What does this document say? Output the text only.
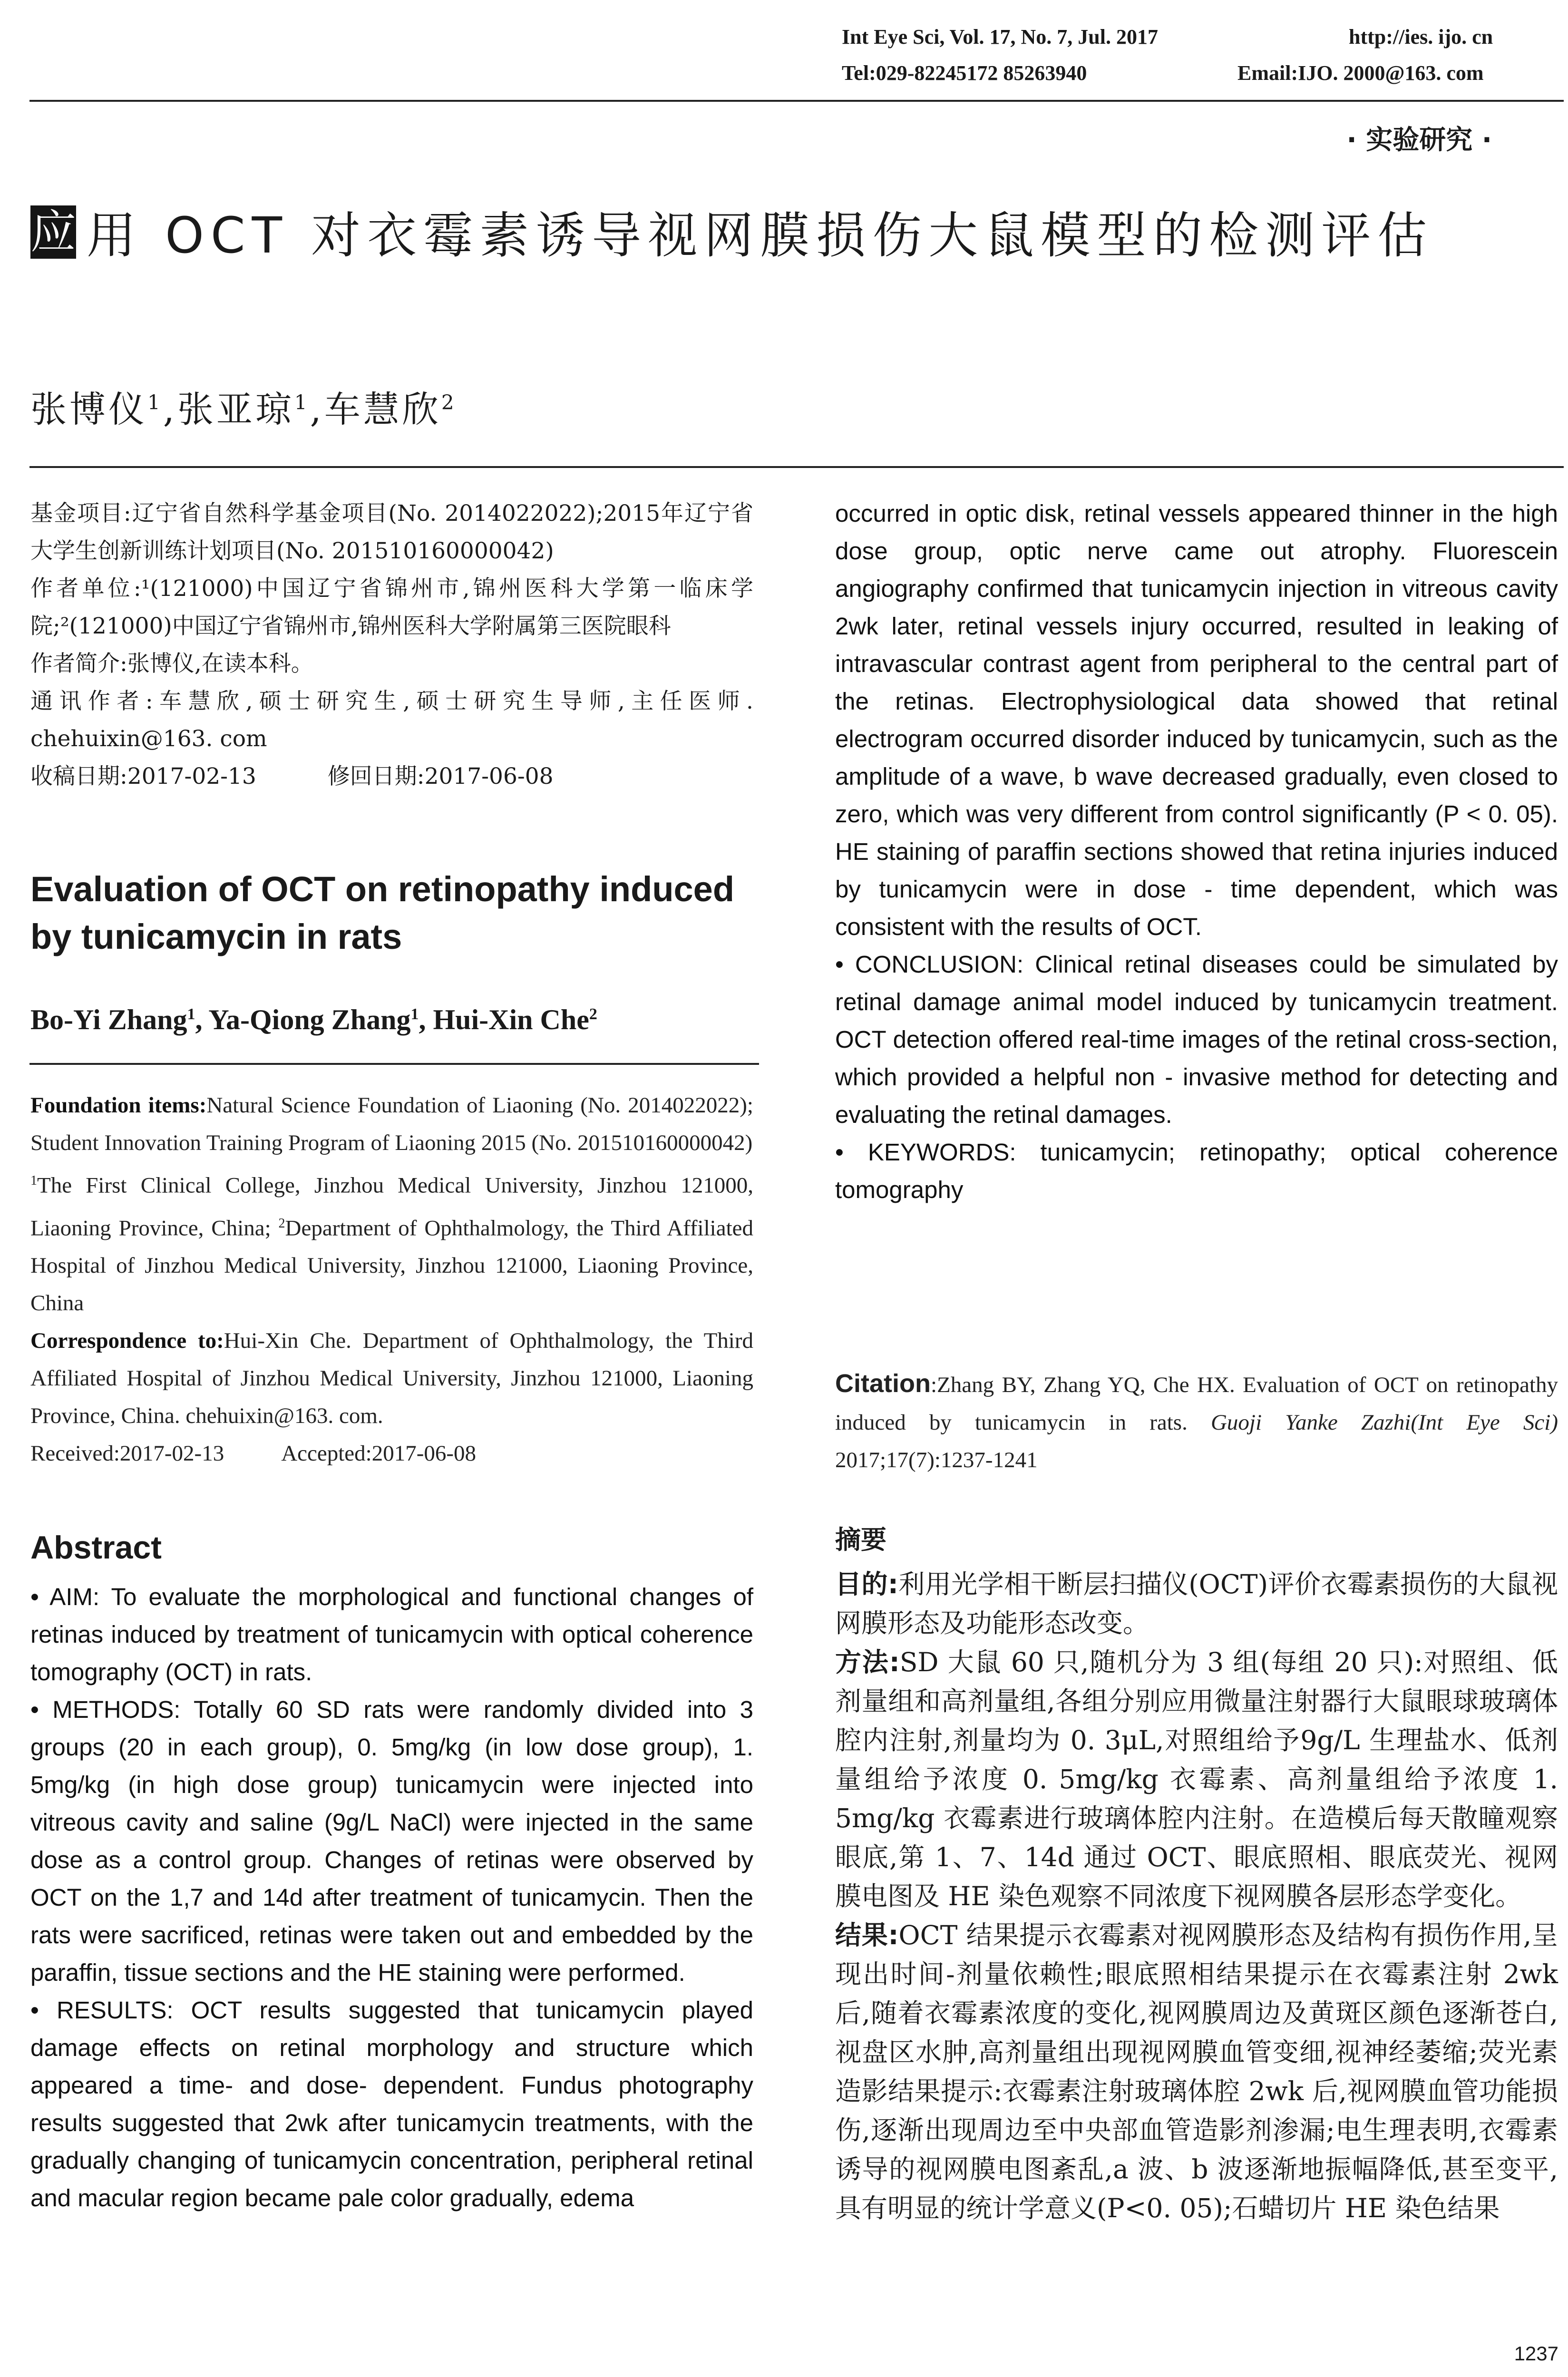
Int Eye Sci, Vol. 17, No. 7, Jul. 2017	http://ies. ijo. cn
Tel:029-82245172 85263940	Email:IJO. 2000@163. com
· 实验研究 ·
应 用 OCT 对衣霉素诱导视网膜损伤大鼠模型的检测评估
张博仪$^1$,张亚琼$^1$,车慧欣$^2$
基金项目:辽宁省自然科学基金项目(No. 2014022022);2015年辽宁省大学生创新训练计划项目(No. 201510160000042)
作者单位:¹(121000)中国辽宁省锦州市,锦州医科大学第一临床学院;²(121000)中国辽宁省锦州市,锦州医科大学附属第三医院眼科
作者简介:张博仪,在读本科。
通讯作者:车慧欣,硕士研究生,硕士研究生导师,主任医师. chehuixin@163. com
收稿日期:2017-02-13	修回日期:2017-06-08
Evaluation of OCT on retinopathy induced by tunicamycin in rats
Bo-Yi Zhang$^1$, Ya-Qiong Zhang$^1$, Hui-Xin Che$^2$
Foundation items:Natural Science Foundation of Liaoning (No. 2014022022); Student Innovation Training Program of Liaoning 2015 (No. 201510160000042)
$^1$The First Clinical College, Jinzhou Medical University, Jinzhou 121000, Liaoning Province, China; $^2$Department of Ophthalmology, the Third Affiliated Hospital of Jinzhou Medical University, Jinzhou 121000, Liaoning Province, China
Correspondence to:Hui-Xin Che. Department of Ophthalmology, the Third Affiliated Hospital of Jinzhou Medical University, Jinzhou 121000, Liaoning Province, China. chehuixin@163. com.
Received:2017-02-13	Accepted:2017-06-08
Abstract

• AIM: To evaluate the morphological and functional changes of retinas induced by treatment of tunicamycin with optical coherence tomography (OCT) in rats.

• METHODS: Totally 60 SD rats were randomly divided into 3 groups (20 in each group), 0. 5mg/kg (in low dose group), 1. 5mg/kg (in high dose group) tunicamycin were injected into vitreous cavity and saline (9g/L NaCl) were injected in the same dose as a control group. Changes of retinas were observed by OCT on the 1,7 and 14d after treatment of tunicamycin. Then the rats were sacrificed, retinas were taken out and embedded by the paraffin, tissue sections and the HE staining were performed.

• RESULTS: OCT results suggested that tunicamycin played damage effects on retinal morphology and structure which appeared a time- and dose- dependent. Fundus photography results suggested that 2wk after tunicamycin treatments, with the gradually changing of tunicamycin concentration, peripheral retinal and macular region became pale color gradually, edema

occurred in optic disk, retinal vessels appeared thinner in the high dose group, optic nerve came out atrophy. Fluorescein angiography confirmed that tunicamycin injection in vitreous cavity 2wk later, retinal vessels injury occurred, resulted in leaking of intravascular contrast agent from peripheral to the central part of the retinas. Electrophysiological data showed that retinal electrogram occurred disorder induced by tunicamycin, such as the amplitude of a wave, b wave decreased gradually, even closed to zero, which was very different from control significantly (P < 0. 05). HE staining of paraffin sections showed that retina injuries induced by tunicamycin were in dose - time dependent, which was consistent with the results of OCT.

• CONCLUSION: Clinical retinal diseases could be simulated by retinal damage animal model induced by tunicamycin treatment. OCT detection offered real-time images of the retinal cross-section, which provided a helpful non - invasive method for detecting and evaluating the retinal damages.

• KEYWORDS: tunicamycin; retinopathy; optical coherence tomography

Citation:Zhang BY, Zhang YQ, Che HX. Evaluation of OCT on retinopathy induced by tunicamycin in rats. Guoji Yanke Zazhi(Int Eye Sci) 2017;17(7):1237-1241
摘要

目的:利用光学相干断层扫描仪(OCT)评价衣霉素损伤的大鼠视网膜形态及功能形态改变。

方法:SD 大鼠 60 只,随机分为 3 组(每组 20 只):对照组、低剂量组和高剂量组,各组分别应用微量注射器行大鼠眼球玻璃体腔内注射,剂量均为 0. 3μL,对照组给予9g/L 生理盐水、低剂量组给予浓度 0. 5mg/kg 衣霉素、高剂量组给予浓度 1. 5mg/kg 衣霉素进行玻璃体腔内注射。在造模后每天散瞳观察眼底,第 1、7、14d 通过 OCT、眼底照相、眼底荧光、视网膜电图及 HE 染色观察不同浓度下视网膜各层形态学变化。

结果:OCT 结果提示衣霉素对视网膜形态及结构有损伤作用,呈现出时间-剂量依赖性;眼底照相结果提示在衣霉素注射 2wk 后,随着衣霉素浓度的变化,视网膜周边及黄斑区颜色逐渐苍白,视盘区水肿,高剂量组出现视网膜血管变细,视神经萎缩;荧光素造影结果提示:衣霉素注射玻璃体腔 2wk 后,视网膜血管功能损伤,逐渐出现周边至中央部血管造影剂渗漏;电生理表明,衣霉素诱导的视网膜电图紊乱,a 波、b 波逐渐地振幅降低,甚至变平,具有明显的统计学意义(P<0. 05);石蜡切片 HE 染色结果

1237
